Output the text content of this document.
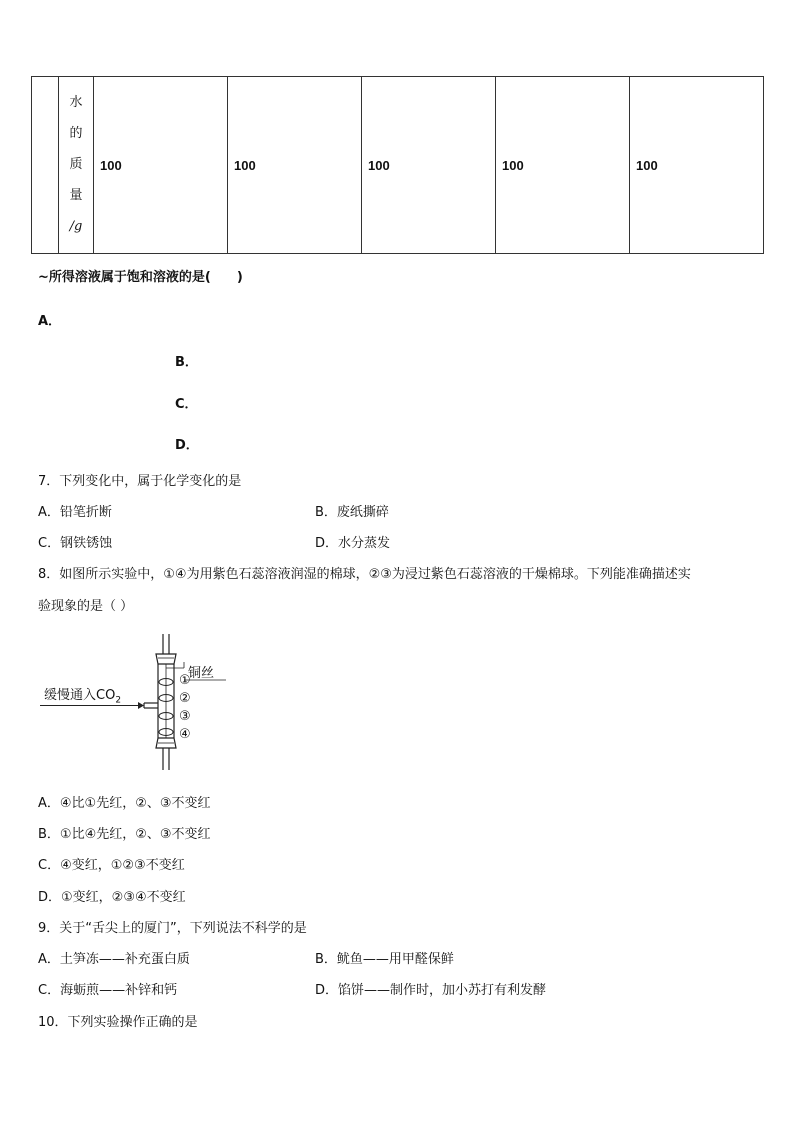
水
的
质
量
/g
	100	100	100	100	100
~所得溶液属于饱和溶液的是(　　)
A．
B．
C．
D．
7．下列变化中，属于化学变化的是
A．铅笔折断	B．废纸撕碎
C．钢铁锈蚀	D．水分蒸发
8．如图所示实验中，①④为用紫色石蕊溶液润湿的棉球，②③为浸过紫色石蕊溶液的干燥棉球。下列能准确描述实
验现象的是（ ）
缓慢通入$CO_2$
铜丝
①
②
③
④
A．④比①先红，②、③不变红
B．①比④先红，②、③不变红
C．④变红，①②③不变红
D．①变红，②③④不变红
9．关于“舌尖上的厦门”，下列说法不科学的是
A．土笋冻——补充蛋白质	B．鱿鱼——用甲醛保鲜
C．海蛎煎——补锌和钙	D．馅饼——制作时，加小苏打有利发酵
10．下列实验操作正确的是
